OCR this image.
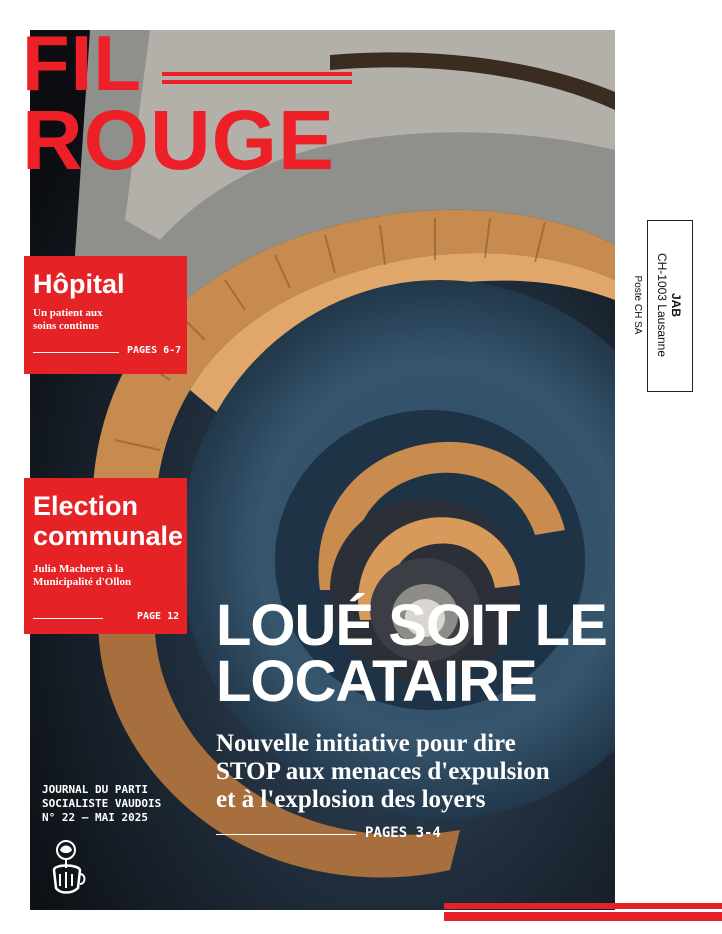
FIL
ROUGE
Hôpital
Un patient aux soins continus
PAGES 6-7
Election
communale
Julia Macheret à la
Municipalité d'Ollon
PAGE 12
JAB
CH-1003 Lausanne
Poste CH SA
LOUÉ SOIT LE
LOCATAIRE
Nouvelle initiative pour dire
STOP aux menaces d'expulsion
et à l'explosion des loyers
PAGES 3-4
JOURNAL DU PARTI
SOCIALISTE VAUDOIS
N° 22 – MAI 2025
© Jessica Meck | Pixabay
